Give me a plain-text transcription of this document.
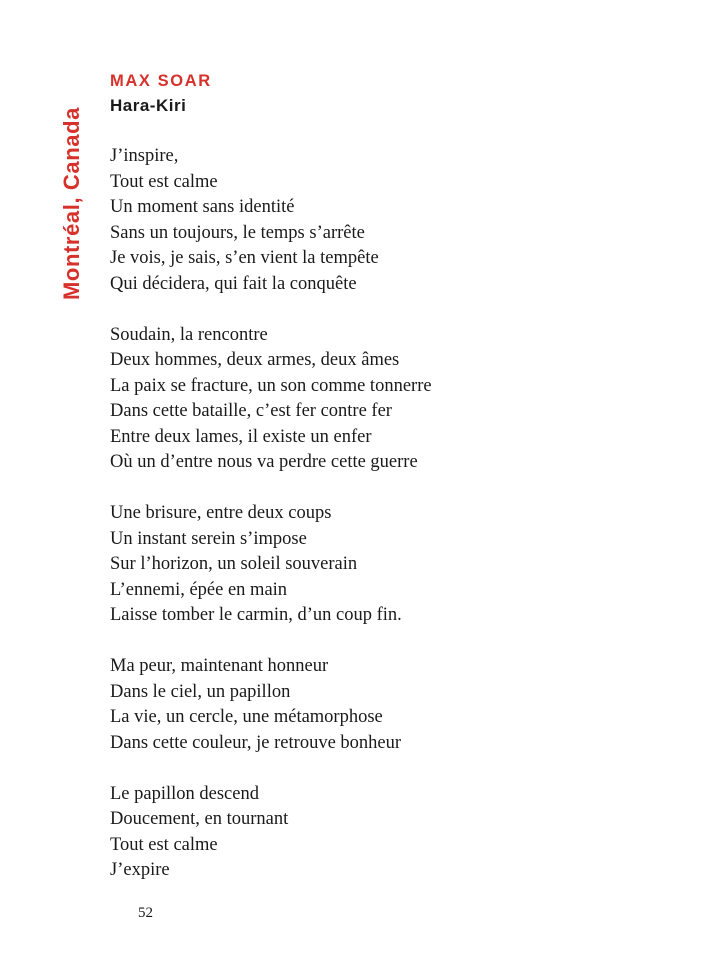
Montréal, Canada
MAX SOAR
Hara-Kiri
J’inspire,
Tout est calme
Un moment sans identité
Sans un toujours, le temps s’arrête
Je vois, je sais, s’en vient la tempête
Qui décidera, qui fait la conquête
Soudain, la rencontre
Deux hommes, deux armes, deux âmes
La paix se fracture, un son comme tonnerre
Dans cette bataille, c’est fer contre fer
Entre deux lames, il existe un enfer
Où un d’entre nous va perdre cette guerre
Une brisure, entre deux coups
Un instant serein s’impose
Sur l’horizon, un soleil souverain
L’ennemi, épée en main
Laisse tomber le carmin, d’un coup fin.
Ma peur, maintenant honneur
Dans le ciel, un papillon
La vie, un cercle, une métamorphose
Dans cette couleur, je retrouve bonheur
Le papillon descend
Doucement, en tournant
Tout est calme
J’expire
52
